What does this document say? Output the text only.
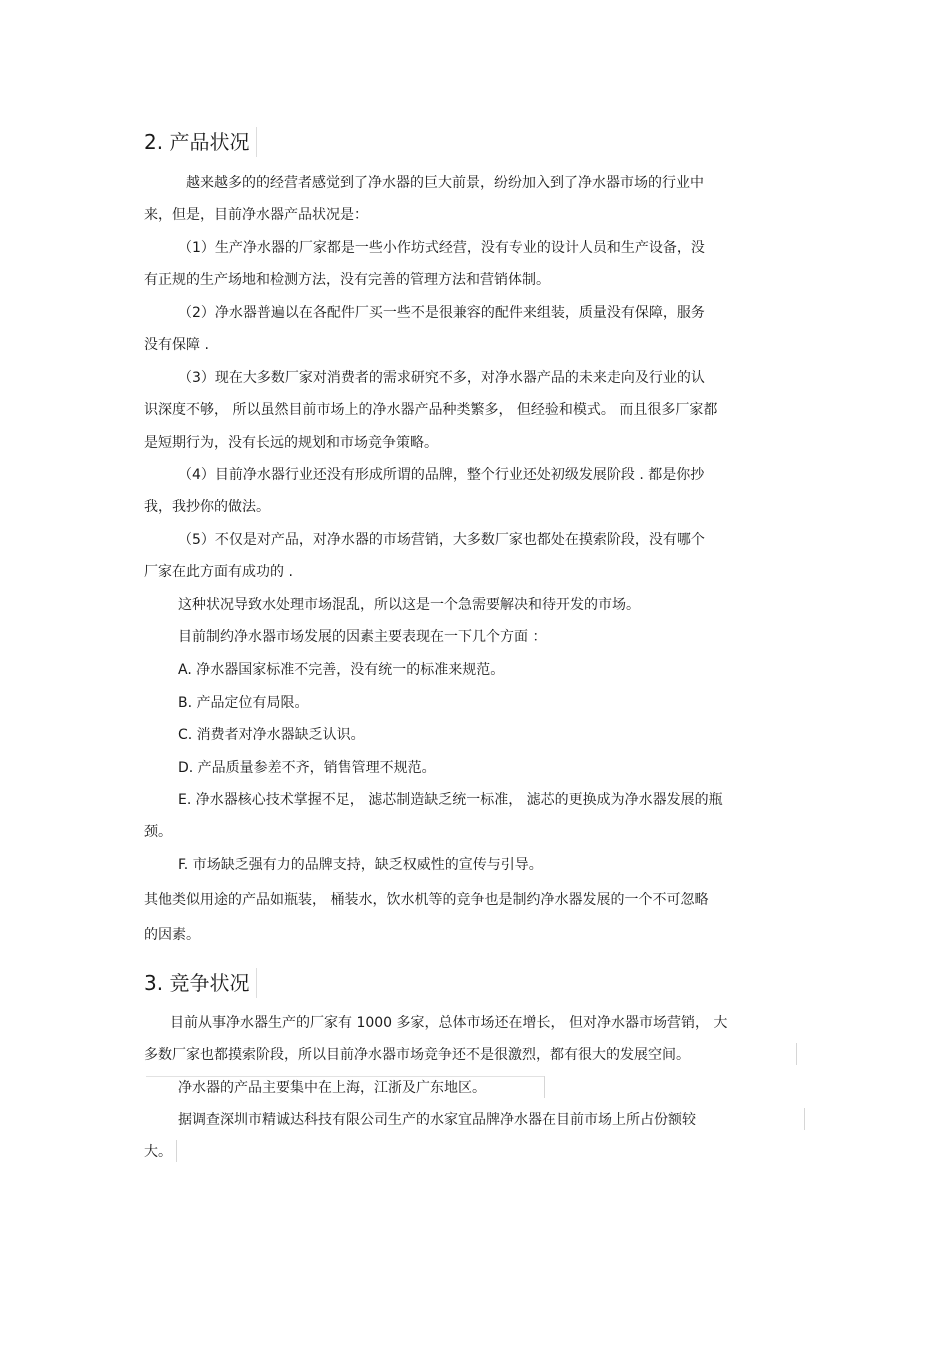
2. 产品状况
越来越多的的经营者感觉到了净水器的巨大前景，纷纷加入到了净水器市场的行业中
来，但是，目前净水器产品状况是：
（1）生产净水器的厂家都是一些小作坊式经营，没有专业的设计人员和生产设备，没
有正规的生产场地和检测方法，没有完善的管理方法和营销体制。
（2）净水器普遍以在各配件厂买一些不是很兼容的配件来组装，质量没有保障，服务
没有保障 .
（3）现在大多数厂家对消费者的需求研究不多，对净水器产品的未来走向及行业的认
识深度不够， 所以虽然目前市场上的净水器产品种类繁多， 但经验和模式。 而且很多厂家都
是短期行为，没有长远的规划和市场竞争策略。
（4）目前净水器行业还没有形成所谓的品牌，整个行业还处初级发展阶段 . 都是你抄
我，我抄你的做法。
（5）不仅是对产品，对净水器的市场营销，大多数厂家也都处在摸索阶段，没有哪个
厂家在此方面有成功的 .
这种状况导致水处理市场混乱，所以这是一个急需要解决和待开发的市场。
目前制约净水器市场发展的因素主要表现在一下几个方面 ：
A. 净水器国家标准不完善，没有统一的标准来规范。
B. 产品定位有局限。
C. 消费者对净水器缺乏认识。
D. 产品质量参差不齐，销售管理不规范。
E. 净水器核心技术掌握不足， 滤芯制造缺乏统一标准， 滤芯的更换成为净水器发展的瓶
颈。
F. 市场缺乏强有力的品牌支持，缺乏权威性的宣传与引导。
其他类似用途的产品如瓶装， 桶装水，饮水机等的竞争也是制约净水器发展的一个不可忽略
的因素。
3. 竞争状况
目前从事净水器生产的厂家有 1000 多家，总体市场还在增长， 但对净水器市场营销， 大
多数厂家也都摸索阶段，所以目前净水器市场竞争还不是很激烈，都有很大的发展空间。
净水器的产品主要集中在上海，江浙及广东地区。
据调查深圳市精诚达科技有限公司生产的水家宜品牌净水器在目前市场上所占份额较
大。
